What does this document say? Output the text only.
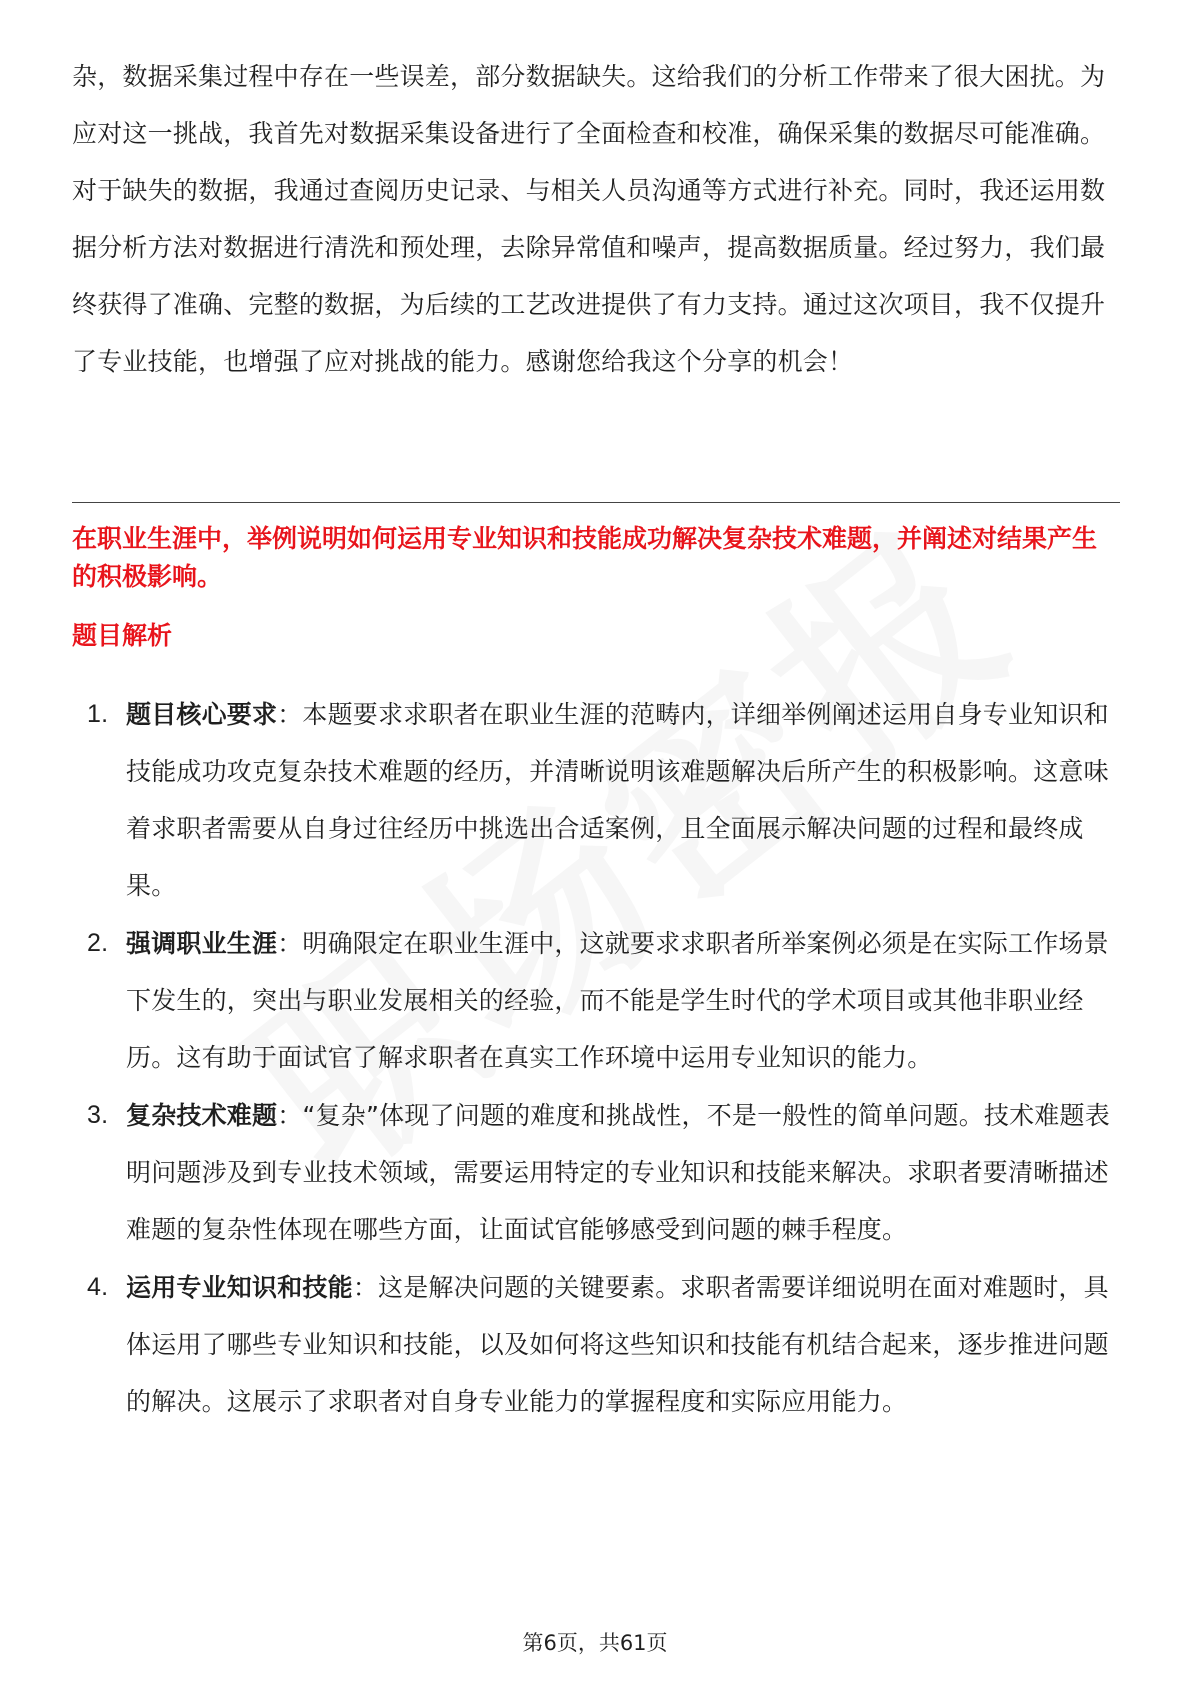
杂，数据采集过程中存在一些误差，部分数据缺失。这给我们的分析工作带来了很大困扰。为应对这一挑战，我首先对数据采集设备进行了全面检查和校准，确保采集的数据尽可能准确。对于缺失的数据，我通过查阅历史记录、与相关人员沟通等方式进行补充。同时，我还运用数据分析方法对数据进行清洗和预处理，去除异常值和噪声，提高数据质量。经过努力，我们最终获得了准确、完整的数据，为后续的工艺改进提供了有力支持。通过这次项目，我不仅提升了专业技能，也增强了应对挑战的能力。感谢您给我这个分享的机会！

在职业生涯中，举例说明如何运用专业知识和技能成功解决复杂技术难题，并阐述对结果产生的积极影响。

题目解析

1. 题目核心要求：本题要求求职者在职业生涯的范畴内，详细举例阐述运用自身专业知识和技能成功攻克复杂技术难题的经历，并清晰说明该难题解决后所产生的积极影响。这意味着求职者需要从自身过往经历中挑选出合适案例，且全面展示解决问题的过程和最终成果。
2. 强调职业生涯：明确限定在职业生涯中，这就要求求职者所举案例必须是在实际工作场景下发生的，突出与职业发展相关的经验，而不能是学生时代的学术项目或其他非职业经历。这有助于面试官了解求职者在真实工作环境中运用专业知识的能力。
3. 复杂技术难题：“复杂”体现了问题的难度和挑战性，不是一般性的简单问题。技术难题表明问题涉及到专业技术领域，需要运用特定的专业知识和技能来解决。求职者要清晰描述难题的复杂性体现在哪些方面，让面试官能够感受到问题的棘手程度。
4. 运用专业知识和技能：这是解决问题的关键要素。求职者需要详细说明在面对难题时，具体运用了哪些专业知识和技能，以及如何将这些知识和技能有机结合起来，逐步推进问题的解决。这展示了求职者对自身专业能力的掌握程度和实际应用能力。
第6页，共61页
